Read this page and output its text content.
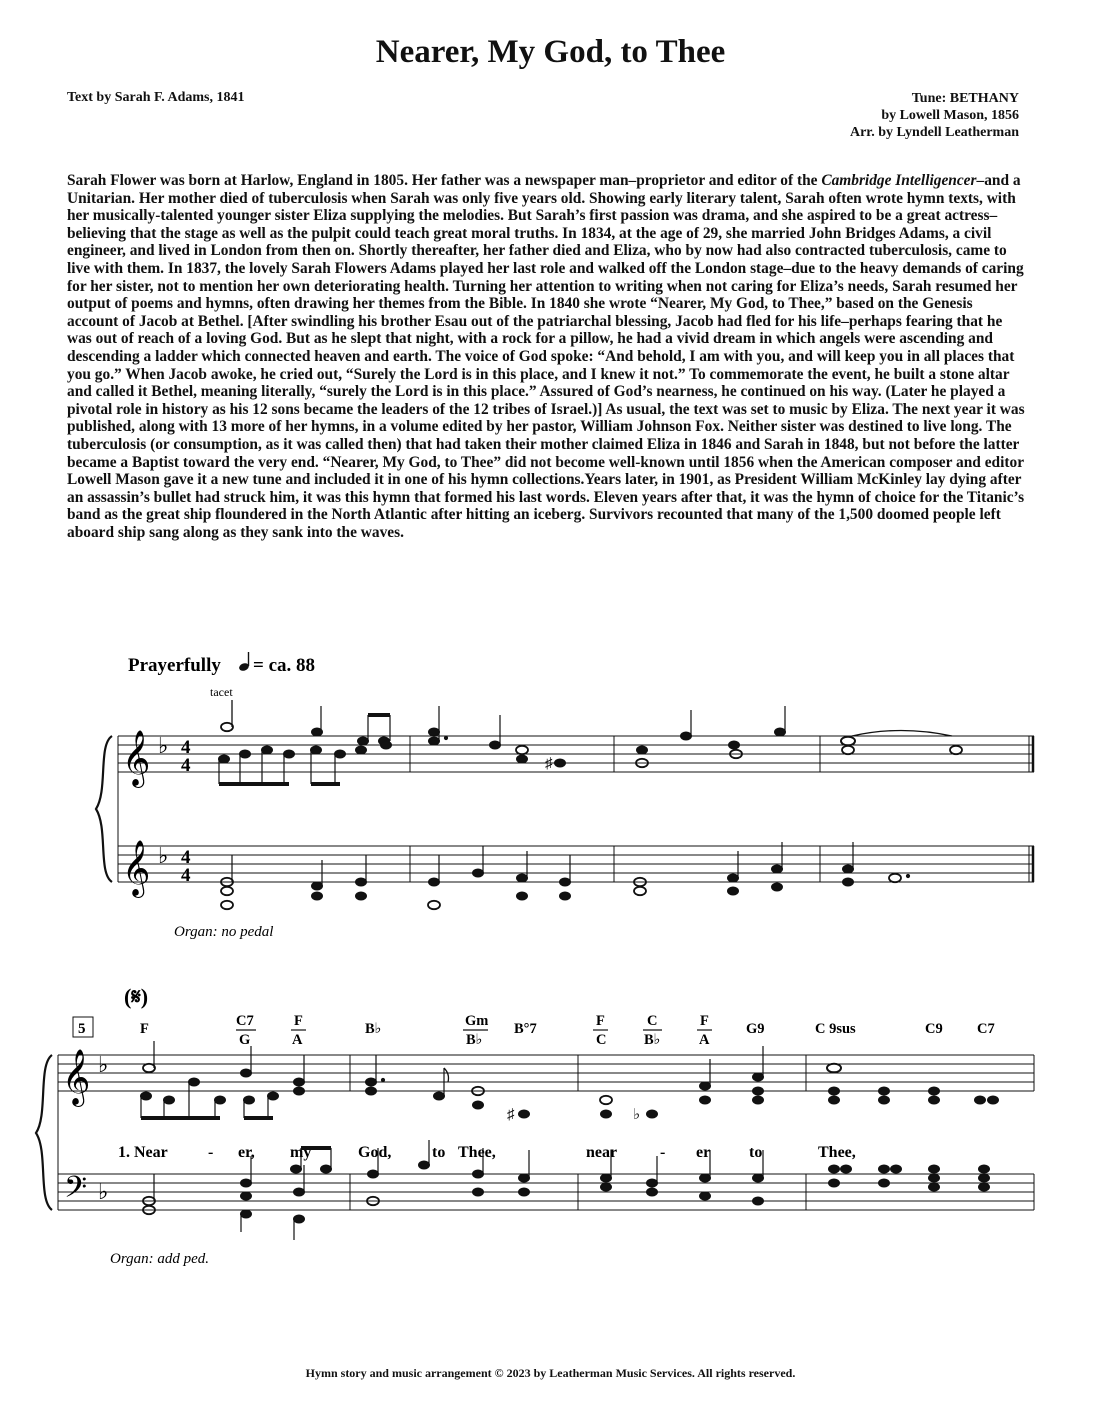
Nearer, My God, to Thee
Text by Sarah F. Adams, 1841	Tune: BETHANY
by Lowell Mason, 1856
Arr. by Lyndell Leatherman
Sarah Flower was born at Harlow, England in 1805. Her father was a newspaper man–proprietor and editor of the Cambridge Intelligencer–and a Unitarian. Her mother died of tuberculosis when Sarah was only five years old. Showing early literary talent, Sarah often wrote hymn texts, with her musically-talented younger sister Eliza supplying the melodies. But Sarah’s first passion was drama, and she aspired to be a great actress–believing that the stage as well as the pulpit could teach great moral truths. In 1834, at the age of 29, she married John Bridges Adams, a civil engineer, and lived in London from then on. Shortly thereafter, her father died and Eliza, who by now had also contracted tuberculosis, came to live with them. In 1837, the lovely Sarah Flowers Adams played her last role and walked off the London stage–due to the heavy demands of caring for her sister, not to mention her own deteriorating health. Turning her attention to writing when not caring for Eliza’s needs, Sarah resumed her output of poems and hymns, often drawing her themes from the Bible. In 1840 she wrote “Nearer, My God, to Thee,” based on the Genesis account of Jacob at Bethel. [After swindling his brother Esau out of the patriarchal blessing, Jacob had fled for his life–perhaps fearing that he was out of reach of a loving God. But as he slept that night, with a rock for a pillow, he had a vivid dream in which angels were ascending and descending a ladder which connected heaven and earth. The voice of God spoke: “And behold, I am with you, and will keep you in all places that you go.” When Jacob awoke, he cried out, “Surely the Lord is in this place, and I knew it not.” To commemorate the event, he built a stone altar and called it Bethel, meaning literally, “surely the Lord is in this place.” Assured of God’s nearness, he continued on his way. (Later he played a pivotal role in history as his 12 sons became the leaders of the 12 tribes of Israel.)] As usual, the text was set to music by Eliza. The next year it was published, along with 13 more of her hymns, in a volume edited by her pastor, William Johnson Fox. Neither sister was destined to live long. The tuberculosis (or consumption, as it was called then) that had taken their mother claimed Eliza in 1846 and Sarah in 1848, but not before the latter became a Baptist toward the very end. “Nearer, My God, to Thee” did not become well-known until 1856 when the American composer and editor Lowell Mason gave it a new tune and included it in one of his hymn collections.Years later, in 1901, as President William McKinley lay dying after an assassin’s bullet had struck him, it was this hymn that formed his last words. Eleven years after that, it was the hymn of choice for the Titanic’s band as the great ship floundered in the North Atlantic after hitting an iceberg. Survivors recounted that many of the 1,500 doomed people left aboard ship sang along as they sank into the waves.
Prayerfully = ca. 88
tacet
𝄞 ♭ 4
4
𝄞 ♭ 4
4
♯
Organ: no pedal
(𝄋)
5	F	C7
G
F
A
B♭	Gm
B♭
B°7	F
C
C
B♭
F
A
G9	C 9sus	C9 C7
𝄞 ♭
𝄢 ♭
♯	♭
1. Near	- er, my	God,	to Thee,	near	- er to	Thee,
Organ: add ped.
Hymn story and music arrangement © 2023 by Leatherman Music Services. All rights reserved.
